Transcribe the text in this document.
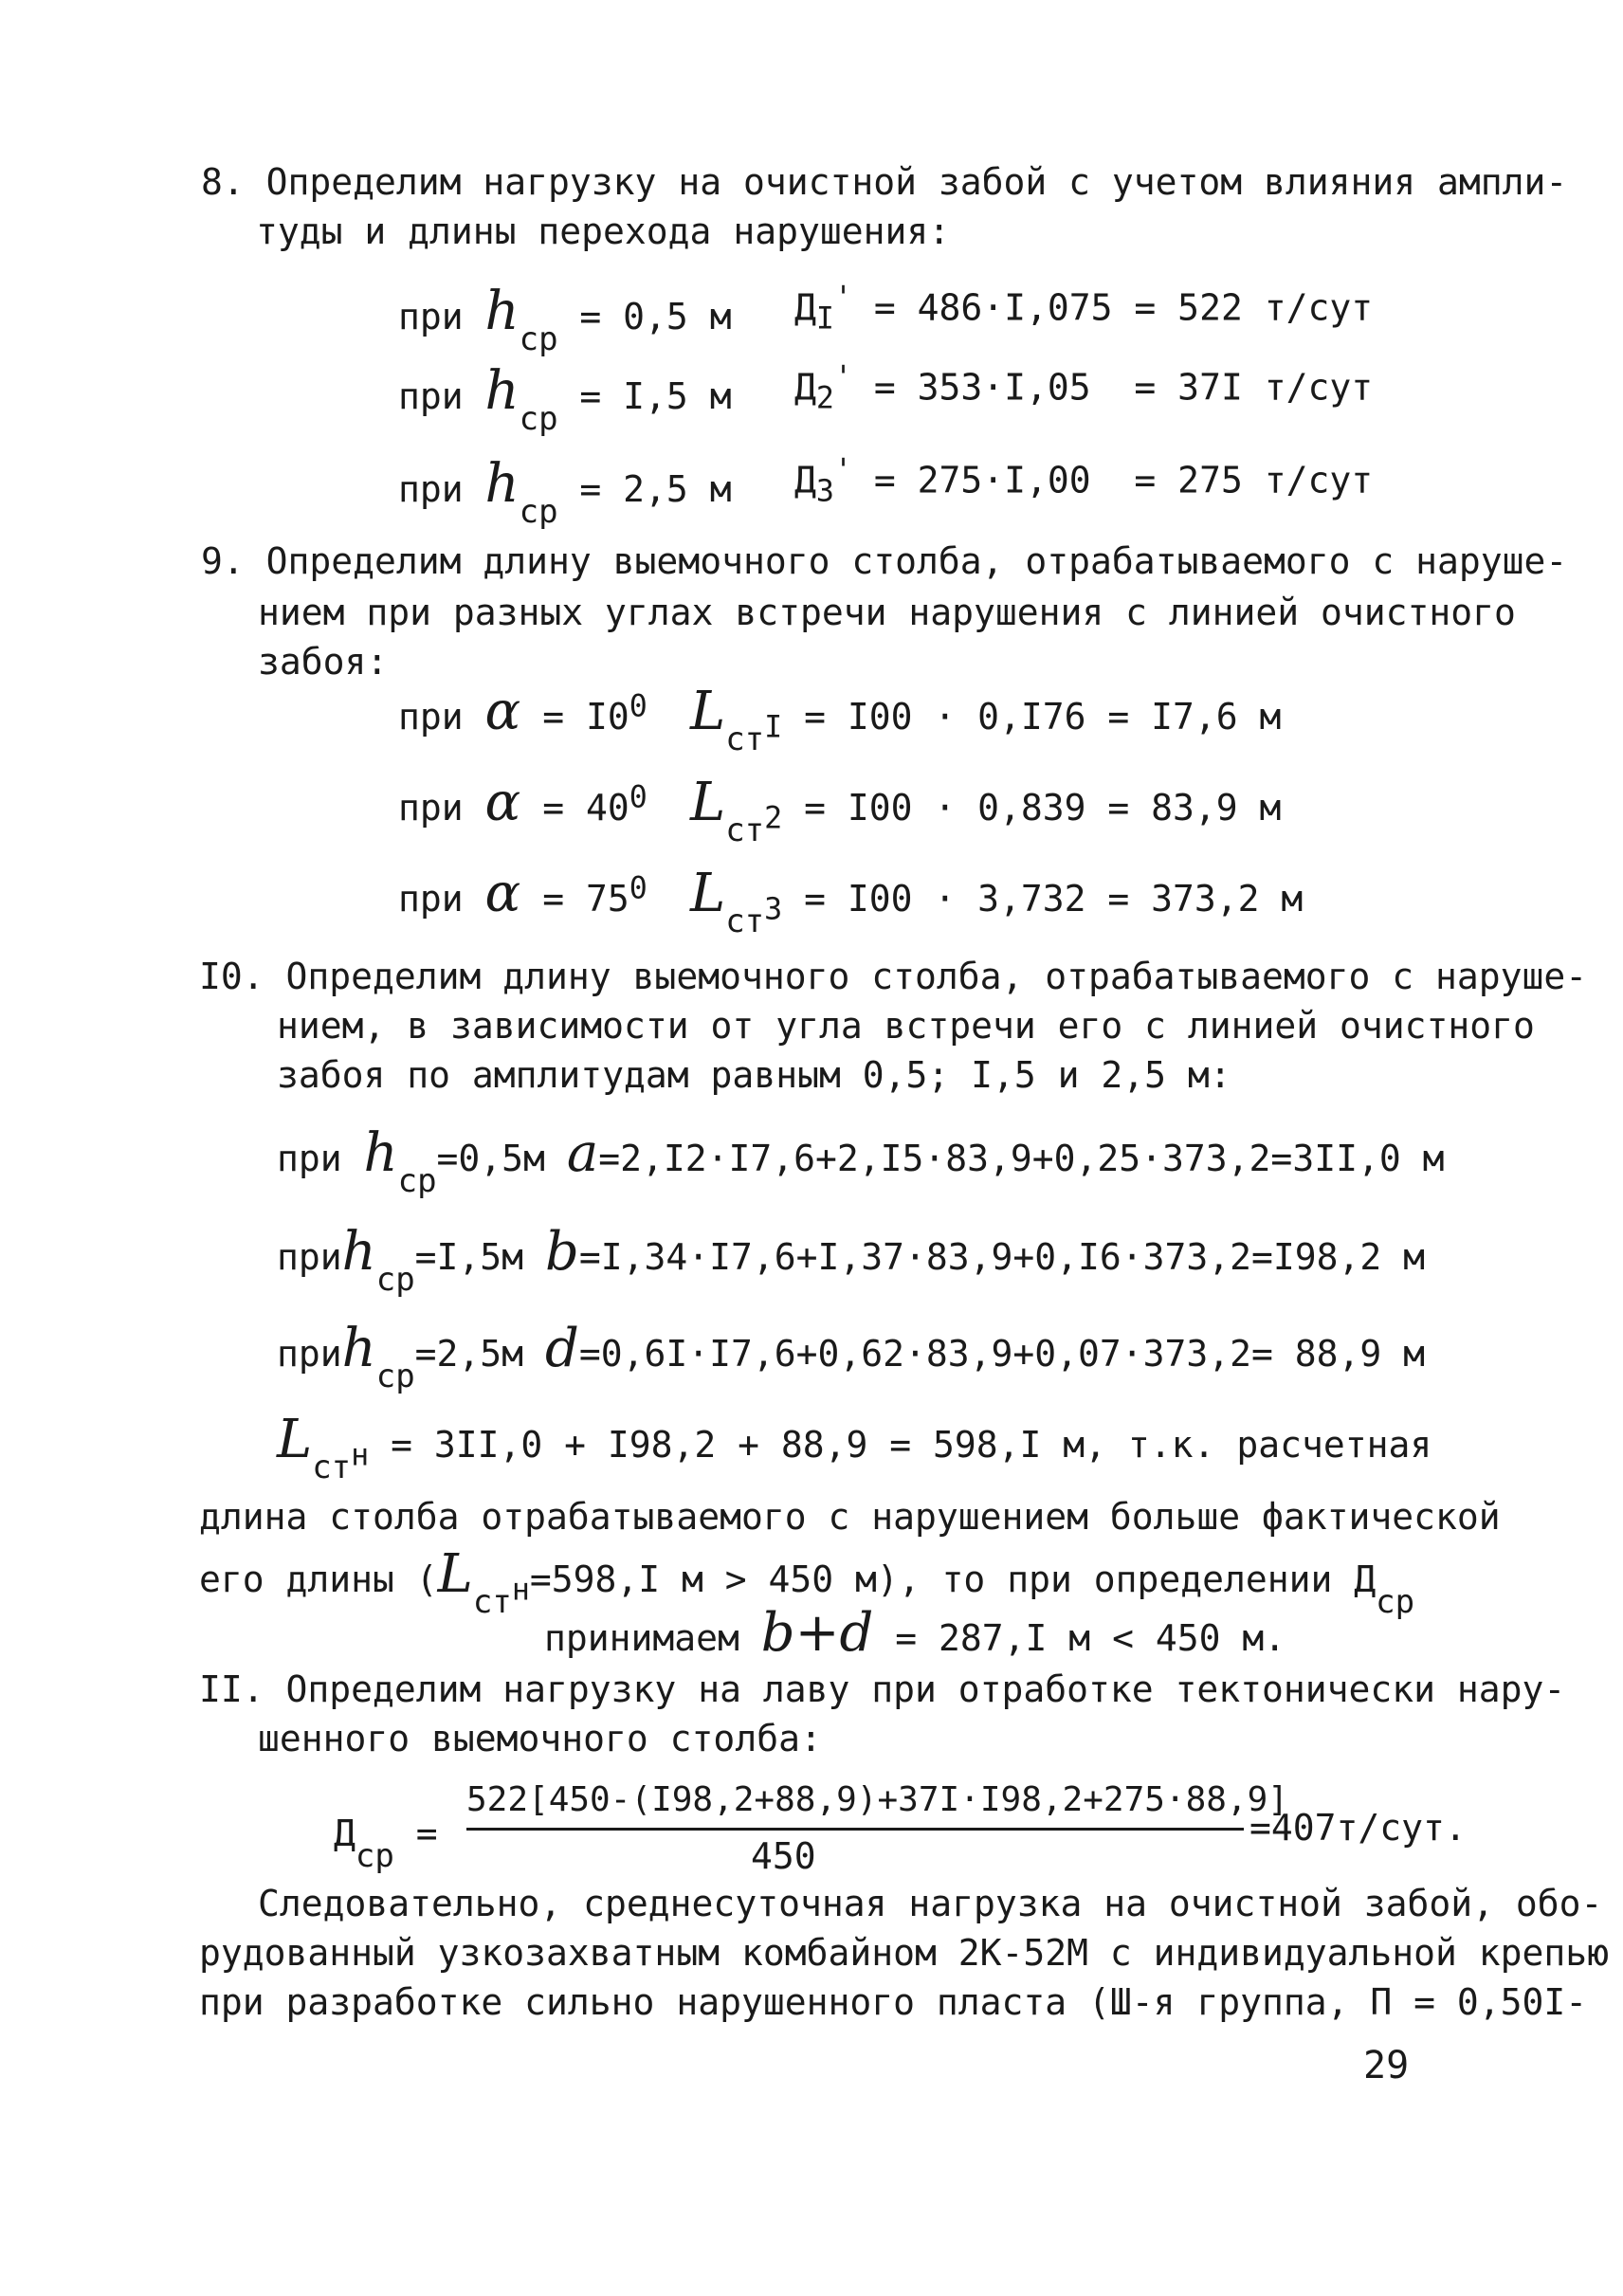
8. Определим нагрузку на очистной забой с учетом влияния ампли-
туды и длины перехода нарушения:
при hср = 0,5 м $Д_I' = 486\cdot I,075 = 522$ т/сут
при hср = I,5 м $Д_2' = 353\cdot I,05 = 37I$ т/сут
при hср = 2,5 м $Д_3' = 275\cdot I,00 = 275$ т/сут
9. Определим длину выемочного столба, отрабатываемого с наруше-
нием при разных углах встречи нарушения с линией очистного
забоя:
при $\alpha = I0^0$ Lст$_I$ = I00 · 0,I76 = I7,6 м
при $\alpha = 40^0$ Lст$_2$ = I00 · 0,839 = 83,9 м
при $\alpha = 75^0$ Lст$_3$ = I00 · 3,732 = 373,2 м
I0. Определим длину выемочного столба, отрабатываемого с наруше-
нием, в зависимости от угла встречи его с линией очистного
забоя по амплитудам равным 0,5; I,5 и 2,5 м:
при hср=0,5м a=2,I2·I7,6+2,I5·83,9+0,25·373,2=3II,0 м
приhср=I,5м b=I,34·I7,6+I,37·83,9+0,I6·373,2=I98,2 м
приhср=2,5м d=0,6I·I7,6+0,62·83,9+0,07·373,2= 88,9 м
Lст$_н$ = 3II,0 + I98,2 + 88,9 = 598,I м, т.к. расчетная
длина столба отрабатываемого с нарушением больше фактической
его длины (Lст$_н$=598,I м > 450 м), то при определении Дср
принимаем b+d = 287,I м < 450 м.
II. Определим нагрузку на лаву при отработке тектонически нару-
шенного выемочного столба:
Дср =
522[450-(I98,2+88,9)+37I·I98,2+275·88,9]
450
=407т/сут.
Следовательно, среднесуточная нагрузка на очистной забой, обо-
рудованный узкозахватным комбайном 2К-52М с индивидуальной крепью
при разработке сильно нарушенного пласта (Ш-я группа, П = 0,50I-
29
